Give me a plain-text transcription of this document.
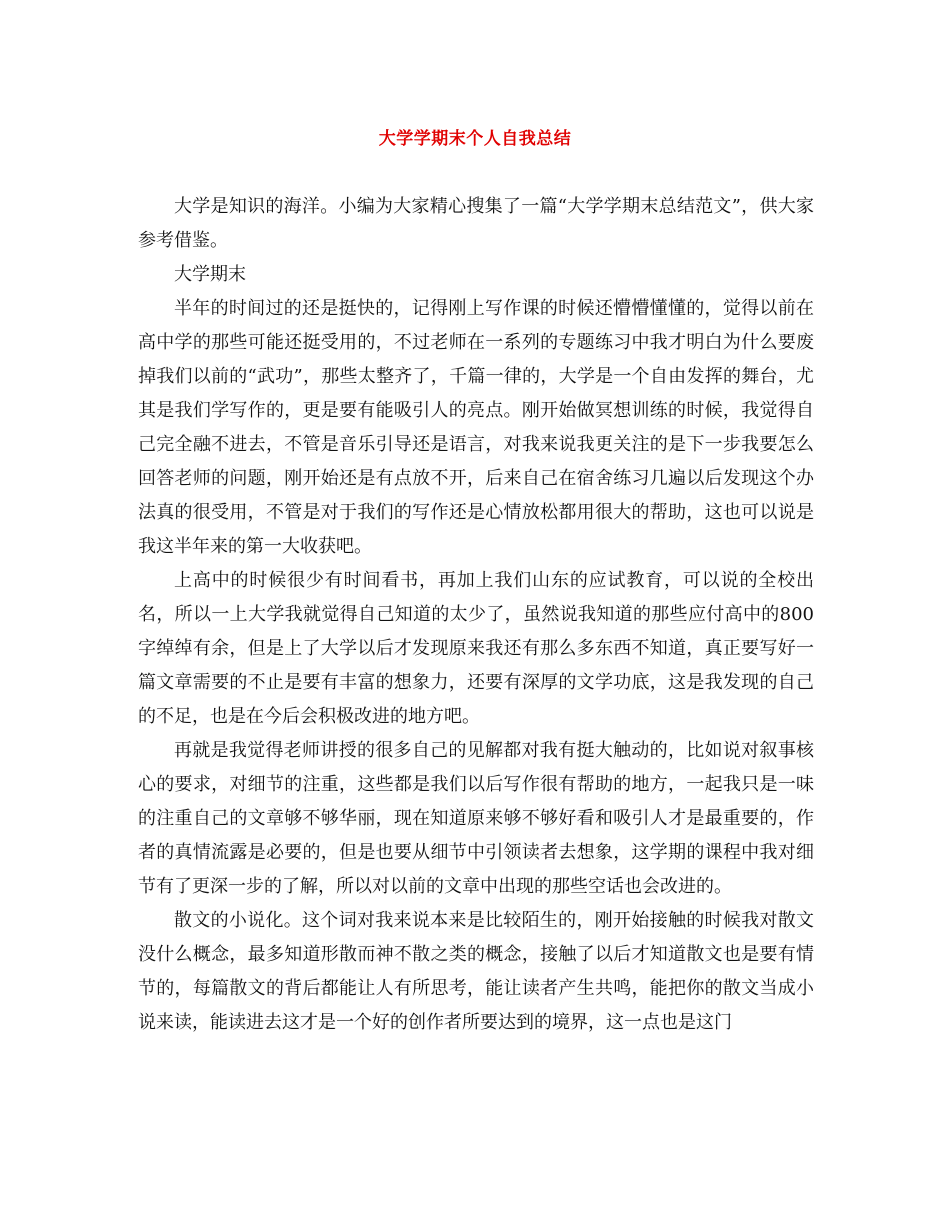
大学学期末个人自我总结

大学是知识的海洋。小编为大家精心搜集了一篇“大学学期末总结范文”，供大家参考借鉴。

大学期末

半年的时间过的还是挺快的，记得刚上写作课的时候还懵懵懂懂的，觉得以前在高中学的那些可能还挺受用的，不过老师在一系列的专题练习中我才明白为什么要废掉我们以前的“武功”，那些太整齐了，千篇一律的，大学是一个自由发挥的舞台，尤其是我们学写作的，更是要有能吸引人的亮点。刚开始做冥想训练的时候，我觉得自己完全融不进去，不管是音乐引导还是语言，对我来说我更关注的是下一步我要怎么回答老师的问题，刚开始还是有点放不开，后来自己在宿舍练习几遍以后发现这个办法真的很受用，不管是对于我们的写作还是心情放松都用很大的帮助，这也可以说是我这半年来的第一大收获吧。

上高中的时候很少有时间看书，再加上我们山东的应试教育，可以说的全校出名，所以一上大学我就觉得自己知道的太少了，虽然说我知道的那些应付高中的800字绰绰有余，但是上了大学以后才发现原来我还有那么多东西不知道，真正要写好一篇文章需要的不止是要有丰富的想象力，还要有深厚的文学功底，这是我发现的自己的不足，也是在今后会积极改进的地方吧。

再就是我觉得老师讲授的很多自己的见解都对我有挺大触动的，比如说对叙事核心的要求，对细节的注重，这些都是我们以后写作很有帮助的地方，一起我只是一味的注重自己的文章够不够华丽，现在知道原来够不够好看和吸引人才是最重要的，作者的真情流露是必要的，但是也要从细节中引领读者去想象，这学期的课程中我对细节有了更深一步的了解，所以对以前的文章中出现的那些空话也会改进的。

散文的小说化。这个词对我来说本来是比较陌生的，刚开始接触的时候我对散文没什么概念，最多知道形散而神不散之类的概念，接触了以后才知道散文也是要有情节的，每篇散文的背后都能让人有所思考，能让读者产生共鸣，能把你的散文当成小说来读，能读进去这才是一个好的创作者所要达到的境界，这一点也是这门
